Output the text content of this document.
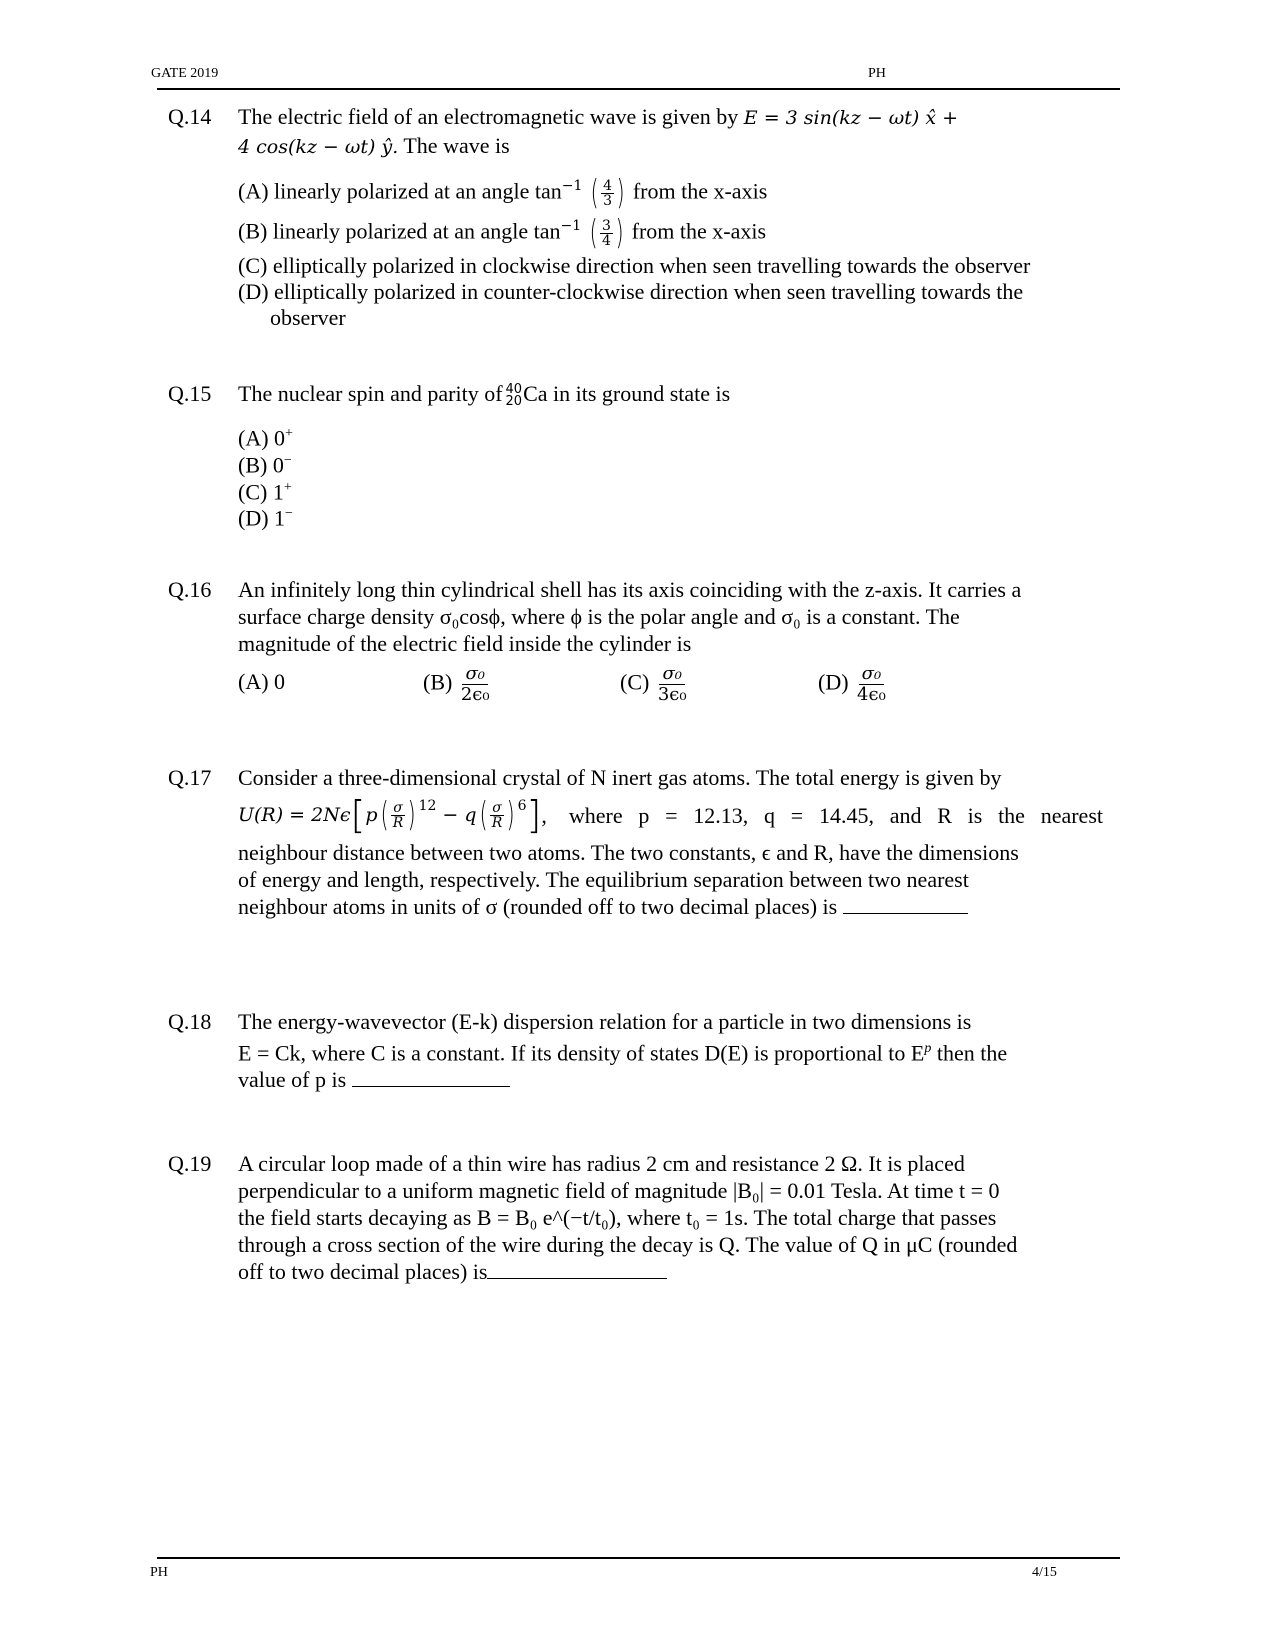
GATE 2019	PH
Q.14 The electric field of an electromagnetic wave is given by E = 3 sin(kz − ωt) x̂ +
4 cos(kz − ωt) ŷ. The wave is
(A) linearly polarized at an angle $\tan^{-1}$ ( $\frac{4}{3}$ ) from the x-axis
(B) linearly polarized at an angle $\tan^{-1}$ ( $\frac{3}{4}$ ) from the x-axis
(C) elliptically polarized in clockwise direction when seen travelling towards the observer
(D) elliptically polarized in counter-clockwise direction when seen travelling towards the
observer
Q.15 The nuclear spin and parity of 40
20 Ca in its ground state is
(A) 0+
(B) 0−
(C) 1+
(D) 1−
Q.16 An infinitely long thin cylindrical shell has its axis coinciding with the z-axis. It carries a
surface charge density σ₀cosϕ, where ϕ is the polar angle and σ₀ is a constant. The
magnitude of the electric field inside the cylinder is
(A) 0	$(B) \frac{\text{σ₀}}{\text{2ϵ₀}}$	$(C) \frac{\text{σ₀}}{\text{3ϵ₀}}$	$(D) \frac{\text{σ₀}}{\text{4ϵ₀}}$
Q.17 Consider a three-dimensional crystal of N inert gas atoms. The total energy is given by
U(R) = 2Nϵ [ p ( $\frac{\sigma}{R}$ ) 12 − q ( $\frac{\sigma}{R}$ ) 6 ] , where p = 12.13, q = 14.45, and R is the nearest
neighbour distance between two atoms. The two constants, ϵ and R, have the dimensions
of energy and length, respectively. The equilibrium separation between two nearest
neighbour atoms in units of σ (rounded off to two decimal places) is
Q.18 The energy-wavevector (E-k) dispersion relation for a particle in two dimensions is
E = Ck, where C is a constant. If its density of states D(E) is proportional to $E^p$ then the
value of p is
Q.19 A circular loop made of a thin wire has radius 2 cm and resistance 2 Ω. It is placed
perpendicular to a uniform magnetic field of magnitude |B₀| = 0.01 Tesla. At time t = 0
the field starts decaying as B = B₀ e^(−t/t₀), where t₀ = 1s. The total charge that passes
through a cross section of the wire during the decay is Q. The value of Q in μC (rounded
off to two decimal places) is
PH	4/15
